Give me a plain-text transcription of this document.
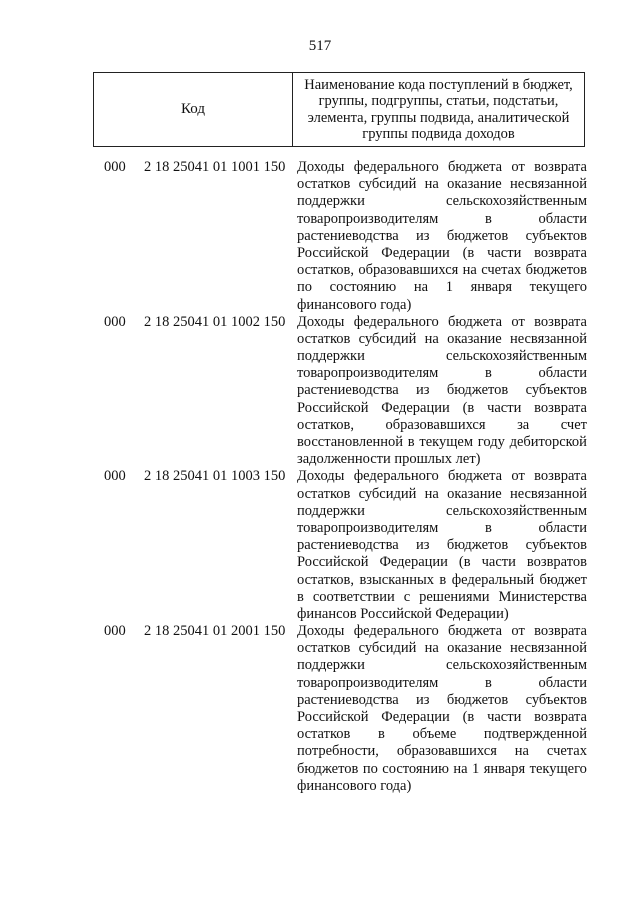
517
Код
Наименование кода поступлений в бюджет, группы, подгруппы, статьи, подстатьи, элемента, группы подвида, аналитической группы подвида доходов
000 2 18 25041 01 1001 150 Доходы федерального бюджета от возврата
остатков субсидий на оказание несвязанной
поддержки	сельскохозяйственным
товаропроизводителям	в	области
растениеводства из бюджетов субъектов
Российской Федерации (в части возврата
остатков, образовавшихся на счетах бюджетов
по состоянию на 1 января текущего
финансового года)
000 2 18 25041 01 1002 150 Доходы федерального бюджета от возврата
остатков субсидий на оказание несвязанной
поддержки	сельскохозяйственным
товаропроизводителям	в	области
растениеводства из бюджетов субъектов
Российской Федерации (в части возврата
остатков, образовавшихся за счет
восстановленной в текущем году дебиторской
задолженности прошлых лет)
000 2 18 25041 01 1003 150 Доходы федерального бюджета от возврата
остатков субсидий на оказание несвязанной
поддержки	сельскохозяйственным
товаропроизводителям	в	области
растениеводства из бюджетов субъектов
Российской Федерации (в части возвратов
остатков, взысканных в федеральный бюджет
в соответствии с решениями Министерства
финансов Российской Федерации)
000 2 18 25041 01 2001 150 Доходы федерального бюджета от возврата
остатков субсидий на оказание несвязанной
поддержки	сельскохозяйственным
товаропроизводителям	в	области
растениеводства из бюджетов субъектов
Российской Федерации (в части возврата
остатков в объеме подтвержденной
потребности, образовавшихся на счетах
бюджетов по состоянию на 1 января текущего
финансового года)
